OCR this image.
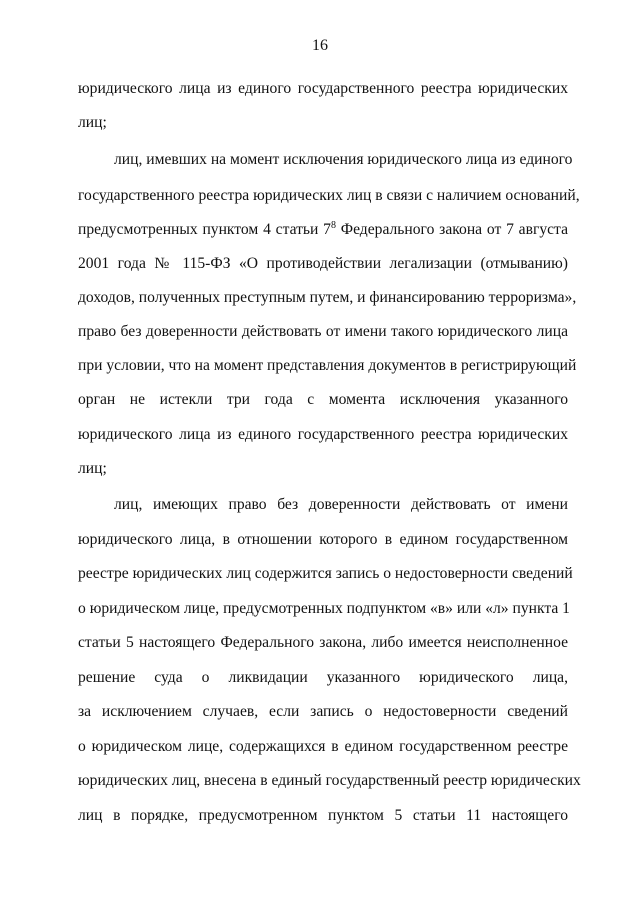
16
юридического лица из единого государственного реестра юридических
лиц;
лиц, имевших на момент исключения юридического лица из единого
государственного реестра юридических лиц в связи с наличием оснований,
предусмотренных пунктом 4 статьи $7^8$ Федерального закона от 7 августа
2001 года № 115-ФЗ «О противодействии легализации (отмыванию)
доходов, полученных преступным путем, и финансированию терроризма»,
право без доверенности действовать от имени такого юридического лица
при условии, что на момент представления документов в регистрирующий
орган не истекли три года с момента исключения указанного
юридического лица из единого государственного реестра юридических
лиц;
лиц, имеющих право без доверенности действовать от имени
юридического лица, в отношении которого в едином государственном
реестре юридических лиц содержится запись о недостоверности сведений
о юридическом лице, предусмотренных подпунктом «в» или «л» пункта 1
статьи 5 настоящего Федерального закона, либо имеется неисполненное
решение суда о ликвидации указанного юридического лица,
за исключением случаев, если запись о недостоверности сведений
о юридическом лице, содержащихся в едином государственном реестре
юридических лиц, внесена в единый государственный реестр юридических
лиц в порядке, предусмотренном пунктом 5 статьи 11 настоящего
